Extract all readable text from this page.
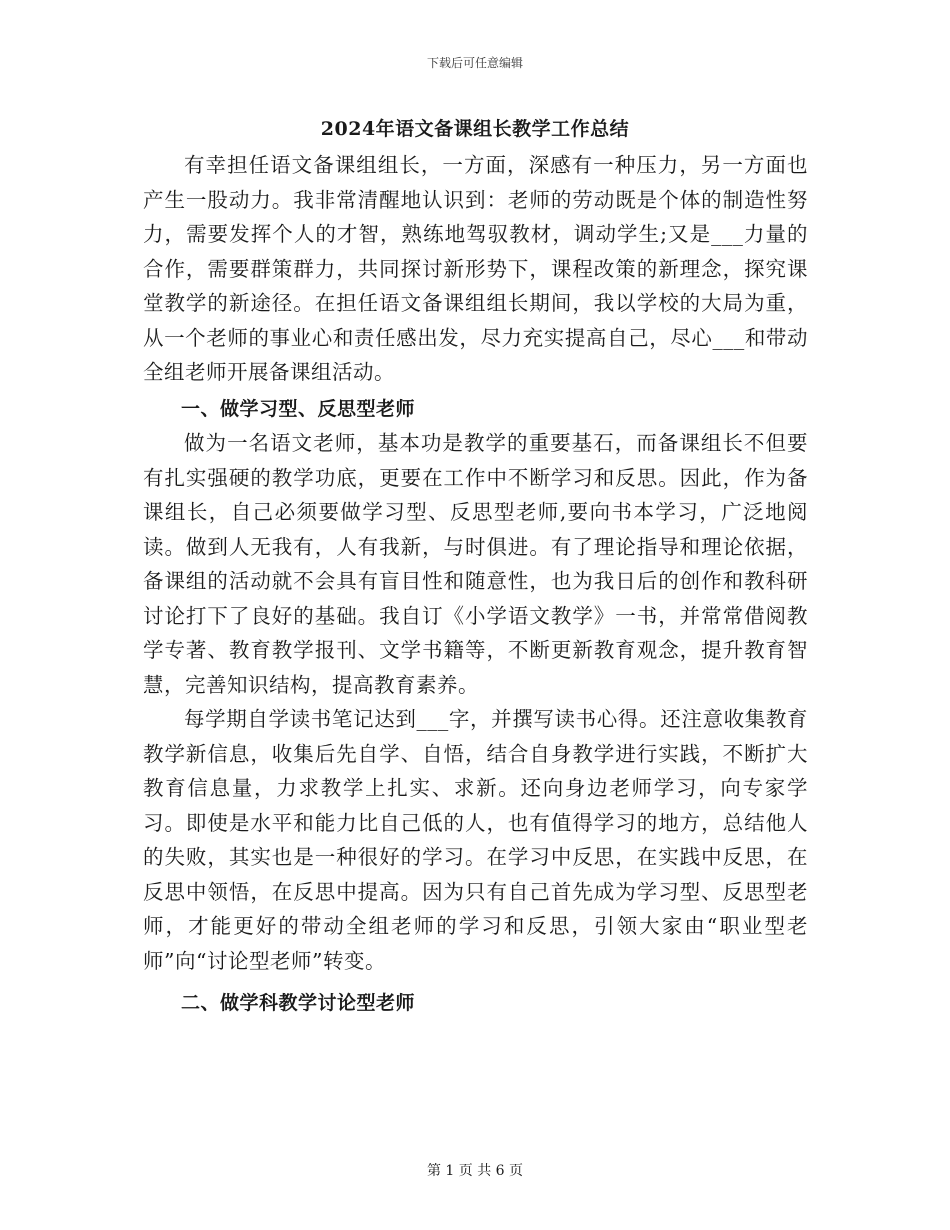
下载后可任意编辑
2024年语文备课组长教学工作总结

有幸担任语文备课组组长，一方面，深感有一种压力，另一方面也产生一股动力。我非常清醒地认识到：老师的劳动既是个体的制造性努力，需要发挥个人的才智，熟练地驾驭教材，调动学生;又是___力量的合作，需要群策群力，共同探讨新形势下，课程改策的新理念，探究课堂教学的新途径。在担任语文备课组组长期间，我以学校的大局为重，从一个老师的事业心和责任感出发，尽力充实提高自己，尽心___和带动全组老师开展备课组活动。

一、做学习型、反思型老师

做为一名语文老师，基本功是教学的重要基石，而备课组长不但要有扎实强硬的教学功底，更要在工作中不断学习和反思。因此，作为备课组长，自己必须要做学习型、反思型老师,要向书本学习，广泛地阅读。做到人无我有，人有我新，与时俱进。有了理论指导和理论依据，备课组的活动就不会具有盲目性和随意性，也为我日后的创作和教科研讨论打下了良好的基础。我自订《小学语文教学》一书，并常常借阅教学专著、教育教学报刊、文学书籍等，不断更新教育观念，提升教育智慧，完善知识结构，提高教育素养。

每学期自学读书笔记达到___字，并撰写读书心得。还注意收集教育教学新信息，收集后先自学、自悟，结合自身教学进行实践，不断扩大教育信息量，力求教学上扎实、求新。还向身边老师学习，向专家学习。即使是水平和能力比自己低的人，也有值得学习的地方，总结他人的失败，其实也是一种很好的学习。在学习中反思，在实践中反思，在反思中领悟，在反思中提高。因为只有自己首先成为学习型、反思型老师，才能更好的带动全组老师的学习和反思，引领大家由“职业型老师”向“讨论型老师”转变。

二、做学科教学讨论型老师
第 1 页 共 6 页
